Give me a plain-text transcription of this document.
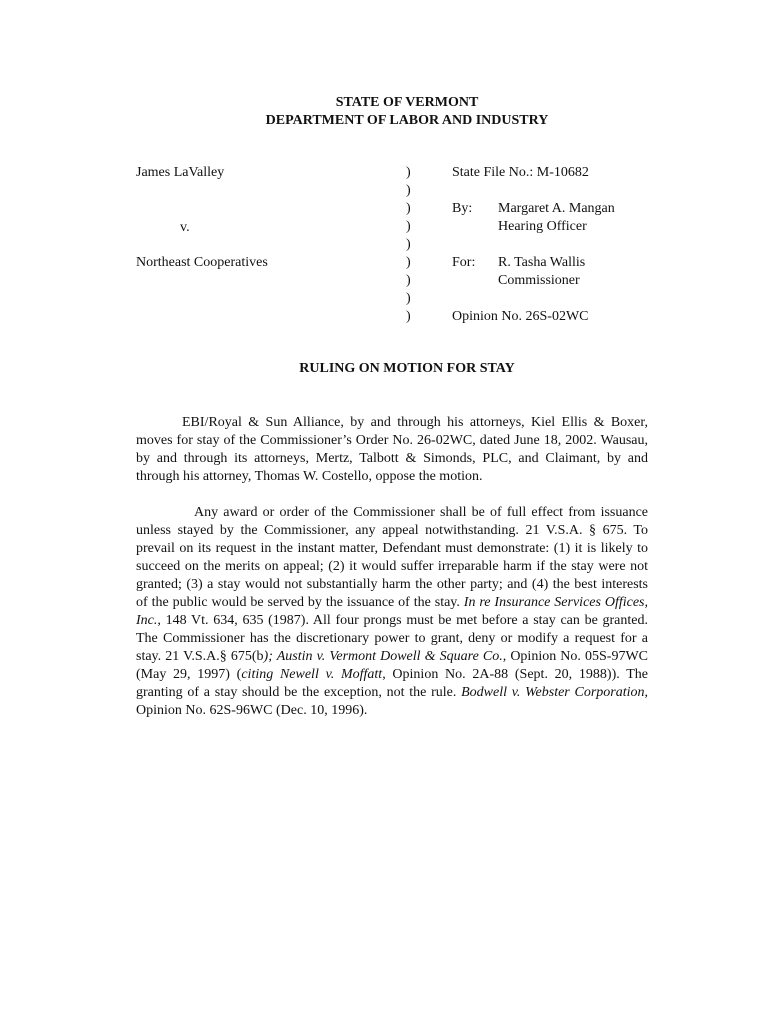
STATE OF VERMONT
DEPARTMENT OF LABOR AND INDUSTRY
James LaValley
v.
Northeast Cooperatives
)
)
)
)
)
)
)
)
)
State File No.: M-10682
By: Margaret A. Mangan
Hearing Officer
For: R. Tasha Wallis
Commissioner
Opinion No. 26S-02WC
RULING ON MOTION FOR STAY
EBI/Royal & Sun Alliance, by and through his attorneys, Kiel Ellis & Boxer, moves for stay of the Commissioner’s Order No. 26-02WC, dated June 18, 2002. Wausau, by and through its attorneys, Mertz, Talbott & Simonds, PLC, and Claimant, by and through his attorney, Thomas W. Costello, oppose the motion.
Any award or order of the Commissioner shall be of full effect from issuance unless stayed by the Commissioner, any appeal notwithstanding. 21 V.S.A. § 675. To prevail on its request in the instant matter, Defendant must demonstrate: (1) it is likely to succeed on the merits on appeal; (2) it would suffer irreparable harm if the stay were not granted; (3) a stay would not substantially harm the other party; and (4) the best interests of the public would be served by the issuance of the stay. In re Insurance Services Offices, Inc., 148 Vt. 634, 635 (1987). All four prongs must be met before a stay can be granted. The Commissioner has the discretionary power to grant, deny or modify a request for a stay. 21 V.S.A.§ 675(b); Austin v. Vermont Dowell & Square Co., Opinion No. 05S-97WC (May 29, 1997) (citing Newell v. Moffatt, Opinion No. 2A-88 (Sept. 20, 1988)). The granting of a stay should be the exception, not the rule. Bodwell v. Webster Corporation, Opinion No. 62S-96WC (Dec. 10, 1996).
